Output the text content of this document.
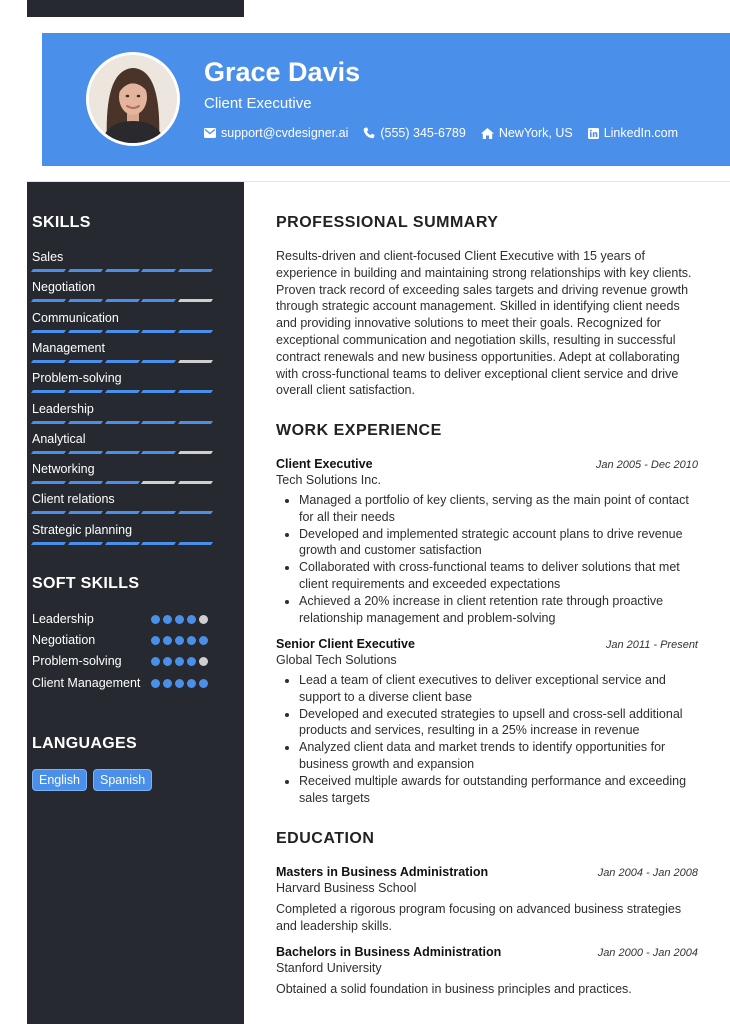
Grace Davis
Client Executive
support@cvdesigner.ai	(555) 345-6789	NewYork, US LinkedIn.com
SKILLS
Sales
Negotiation
Communication
Management
Problem-solving
Leadership
Analytical
Networking
Client relations
Strategic planning
SOFT SKILLS
Leadership
Negotiation
Problem-solving
Client Management
LANGUAGES
English	Spanish
PROFESSIONAL SUMMARY
Results-driven and client-focused Client Executive with 15 years of experience in building and maintaining strong relationships with key clients. Proven track record of exceeding sales targets and driving revenue growth through strategic account management. Skilled in identifying client needs and providing innovative solutions to meet their goals. Recognized for exceptional communication and negotiation skills, resulting in successful contract renewals and new business opportunities. Adept at collaborating with cross-functional teams to deliver exceptional client service and drive overall client satisfaction.
WORK EXPERIENCE
Client Executive	Jan 2005 - Dec 2010
Tech Solutions Inc.
• Managed a portfolio of key clients, serving as the main point of contact for all their needs
• Developed and implemented strategic account plans to drive revenue growth and customer satisfaction
• Collaborated with cross-functional teams to deliver solutions that met client requirements and exceeded expectations
• Achieved a 20% increase in client retention rate through proactive relationship management and problem-solving
Senior Client Executive	Jan 2011 - Present
Global Tech Solutions
• Lead a team of client executives to deliver exceptional service and support to a diverse client base
• Developed and executed strategies to upsell and cross-sell additional products and services, resulting in a 25% increase in revenue
• Analyzed client data and market trends to identify opportunities for business growth and expansion
• Received multiple awards for outstanding performance and exceeding sales targets
EDUCATION
Masters in Business Administration	Jan 2004 - Jan 2008
Harvard Business School
Completed a rigorous program focusing on advanced business strategies and leadership skills.
Bachelors in Business Administration	Jan 2000 - Jan 2004
Stanford University
Obtained a solid foundation in business principles and practices.
